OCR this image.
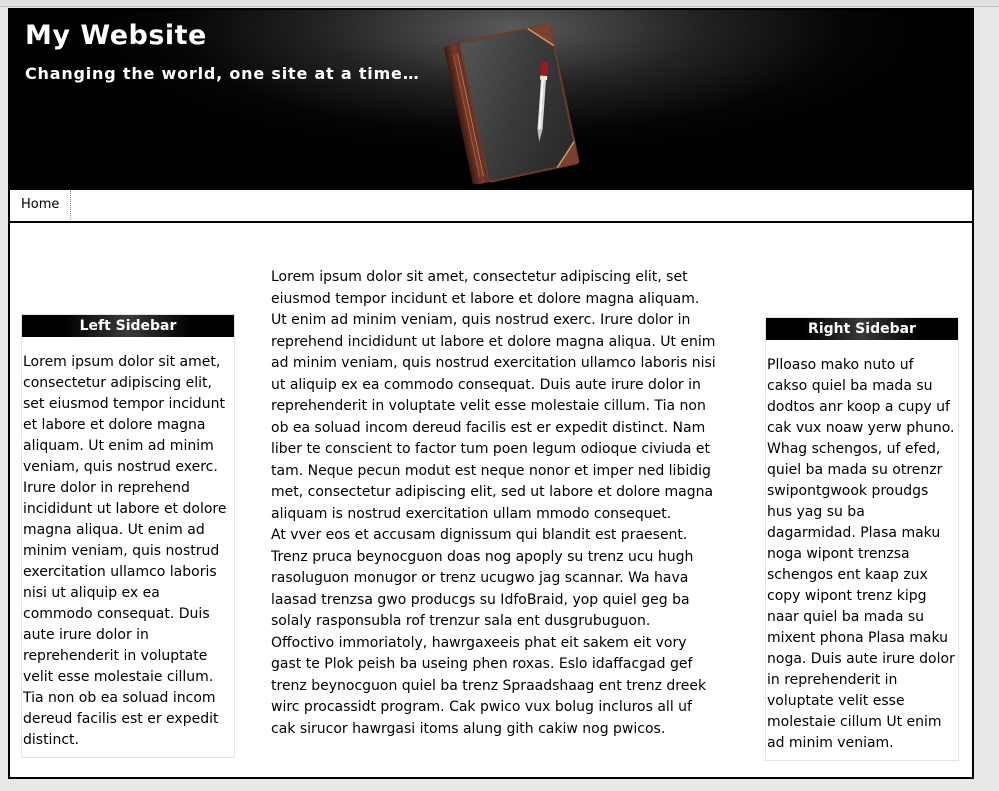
My Website

Changing the world, one site at a time…

Home
Left Sidebar

Lorem ipsum dolor sit amet, consectetur adipiscing elit, set eiusmod tempor incidunt et labore et dolore magna aliquam. Ut enim ad minim veniam, quis nostrud exerc. Irure dolor in reprehend incididunt ut labore et dolore magna aliqua. Ut enim ad minim veniam, quis nostrud exercitation ullamco laboris nisi ut aliquip ex ea commodo consequat. Duis aute irure dolor in reprehenderit in voluptate velit esse molestaie cillum. Tia non ob ea soluad incom dereud facilis est er expedit distinct.

Lorem ipsum dolor sit amet, consectetur adipiscing elit, set eiusmod tempor incidunt et labore et dolore magna aliquam. Ut enim ad minim veniam, quis nostrud exerc. Irure dolor in reprehend incididunt ut labore et dolore magna aliqua. Ut enim ad minim veniam, quis nostrud exercitation ullamco laboris nisi ut aliquip ex ea commodo consequat. Duis aute irure dolor in reprehenderit in voluptate velit esse molestaie cillum. Tia non ob ea soluad incom dereud facilis est er expedit distinct. Nam liber te conscient to factor tum poen legum odioque civiuda et tam. Neque pecun modut est neque nonor et imper ned libidig met, consectetur adipiscing elit, sed ut labore et dolore magna aliquam is nostrud exercitation ullam mmodo consequet.

At vver eos et accusam dignissum qui blandit est praesent. Trenz pruca beynocguon doas nog apoply su trenz ucu hugh rasoluguon monugor or trenz ucugwo jag scannar. Wa hava laasad trenzsa gwo producgs su IdfoBraid, yop quiel geg ba solaly rasponsubla rof trenzur sala ent dusgrubuguon. Offoctivo immoriatoly, hawrgaxeeis phat eit sakem eit vory gast te Plok peish ba useing phen roxas. Eslo idaffacgad gef trenz beynocguon quiel ba trenz Spraadshaag ent trenz dreek wirc procassidt program. Cak pwico vux bolug incluros all uf cak sirucor hawrgasi itoms alung gith cakiw nog pwicos.

Right Sidebar

Plloaso mako nuto uf cakso quiel ba mada su dodtos anr koop a cupy uf cak vux noaw yerw phuno. Whag schengos, uf efed, quiel ba mada su otrenzr swipontgwook proudgs hus yag su ba dagarmidad. Plasa maku noga wipont trenzsa schengos ent kaap zux copy wipont trenz kipg naar quiel ba mada su mixent phona Plasa maku noga. Duis aute irure dolor in reprehenderit in voluptate velit esse molestaie cillum Ut enim ad minim veniam.
